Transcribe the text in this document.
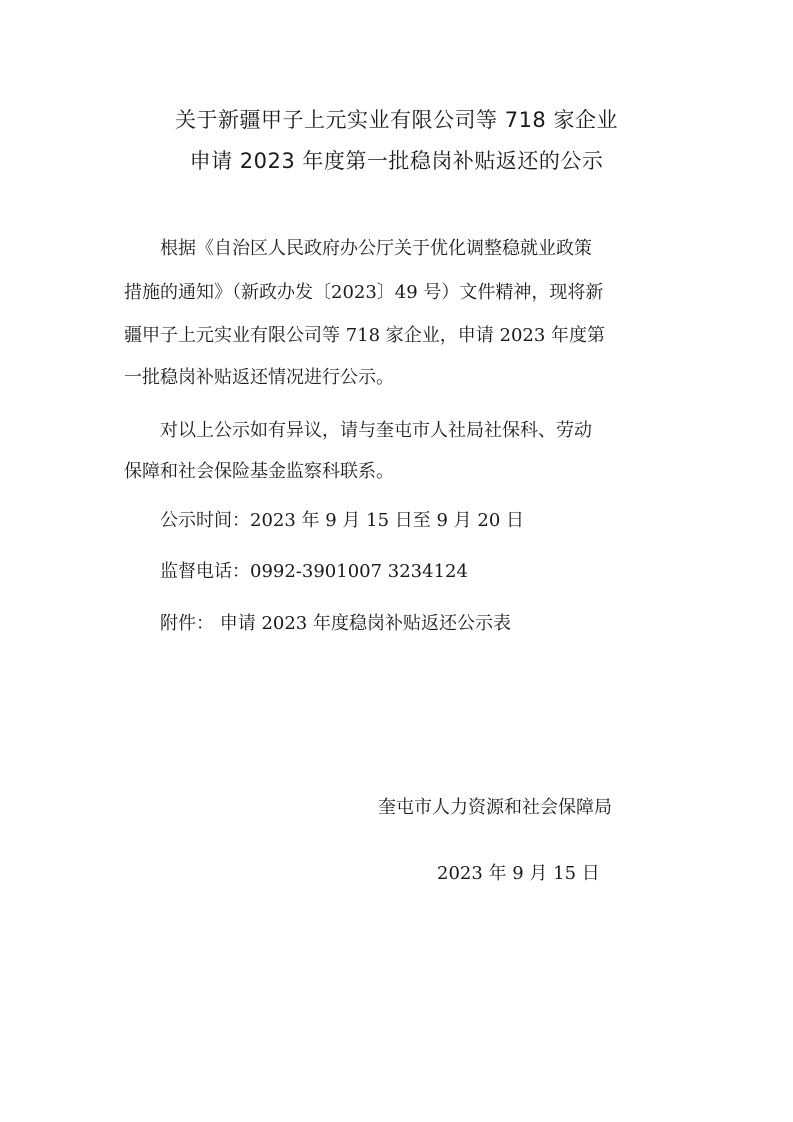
关于新疆甲子上元实业有限公司等 718 家企业
申请 2023 年度第一批稳岗补贴返还的公示
根据《自治区人民政府办公厅关于优化调整稳就业政策
措施的通知》（新政办发〔2023〕49 号）文件精神，现将新
疆甲子上元实业有限公司等 718 家企业，申请 2023 年度第
一批稳岗补贴返还情况进行公示。
对以上公示如有异议，请与奎屯市人社局社保科、劳动
保障和社会保险基金监察科联系。
公示时间：2023 年 9 月 15 日至 9 月 20 日
监督电话：0992-3901007 3234124
附件： 申请 2023 年度稳岗补贴返还公示表
奎屯市人力资源和社会保障局
2023 年 9 月 15 日
